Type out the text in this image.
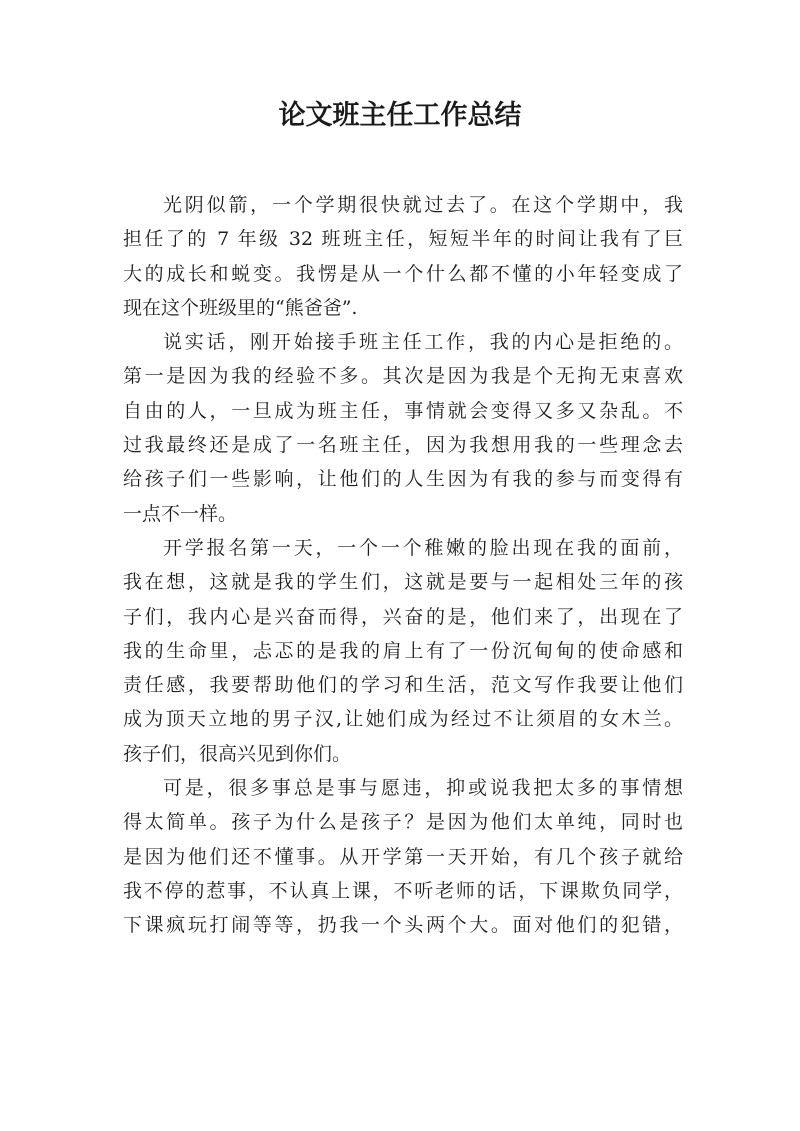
论文班主任工作总结

光阴似箭，一个学期很快就过去了。在这个学期中，我
担任了的 7 年级 32 班班主任，短短半年的时间让我有了巨
大的成长和蜕变。我愣是从一个什么都不懂的小年轻变成了
现在这个班级里的“熊爸爸”.

说实话，刚开始接手班主任工作，我的内心是拒绝的。
第一是因为我的经验不多。其次是因为我是个无拘无束喜欢
自由的人，一旦成为班主任，事情就会变得又多又杂乱。不
过我最终还是成了一名班主任，因为我想用我的一些理念去
给孩子们一些影响，让他们的人生因为有我的参与而变得有
一点不一样。

开学报名第一天，一个一个稚嫩的脸出现在我的面前，
我在想，这就是我的学生们，这就是要与一起相处三年的孩
子们，我内心是兴奋而得，兴奋的是，他们来了，出现在了
我的生命里，忐忑的是我的肩上有了一份沉甸甸的使命感和
责任感，我要帮助他们的学习和生活，范文写作我要让他们
成为顶天立地的男子汉,让她们成为经过不让须眉的女木兰。
孩子们，很高兴见到你们。

可是，很多事总是事与愿违，抑或说我把太多的事情想
得太简单。孩子为什么是孩子？是因为他们太单纯，同时也
是因为他们还不懂事。从开学第一天开始，有几个孩子就给
我不停的惹事，不认真上课，不听老师的话，下课欺负同学，
下课疯玩打闹等等，扔我一个头两个大。面对他们的犯错，
